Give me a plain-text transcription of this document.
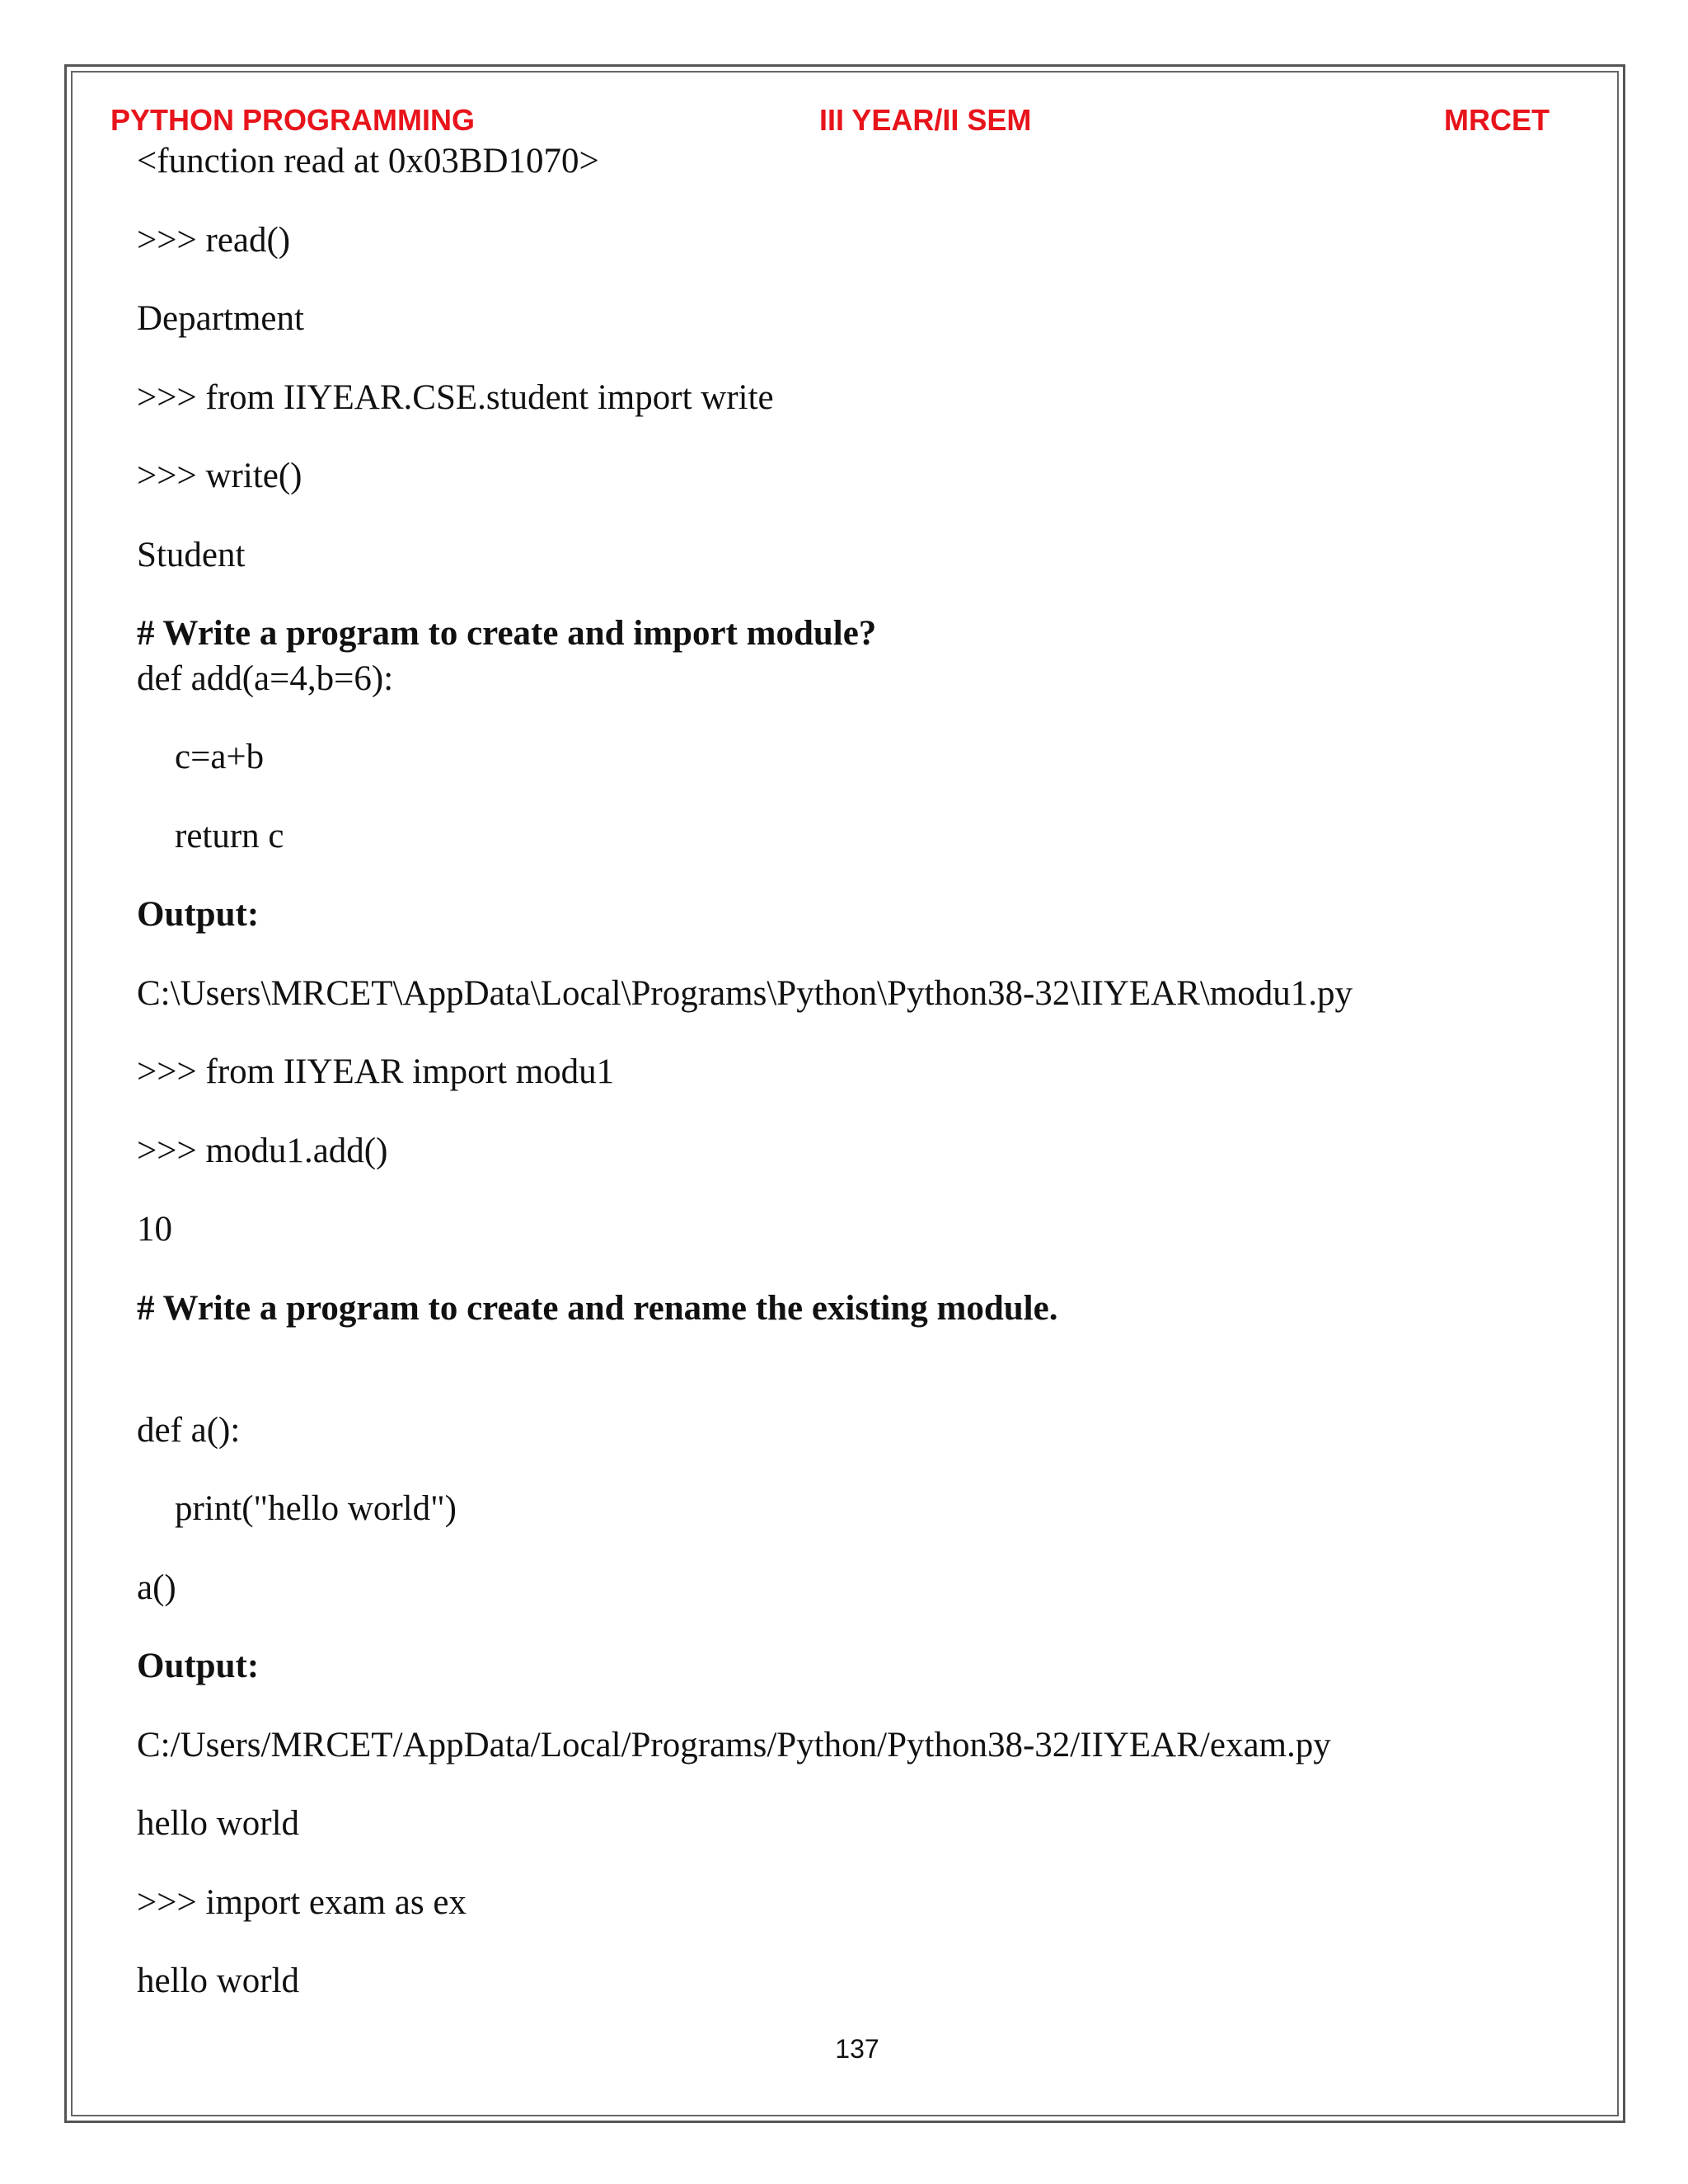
PYTHON PROGRAMMING	III YEAR/II SEM	MRCET
<function read at 0x03BD1070>
>>> read()
Department
>>> from IIYEAR.CSE.student import write
>>> write()
Student
# Write a program to create and import module?
def add(a=4,b=6):
c=a+b
return c
Output:
C:\Users\MRCET\AppData\Local\Programs\Python\Python38-32\IIYEAR\modu1.py
>>> from IIYEAR import modu1
>>> modu1.add()
10
# Write a program to create and rename the existing module.
def a():
print("hello world")
a()
Output:
C:/Users/MRCET/AppData/Local/Programs/Python/Python38-32/IIYEAR/exam.py
hello world
>>> import exam as ex
hello world
137
